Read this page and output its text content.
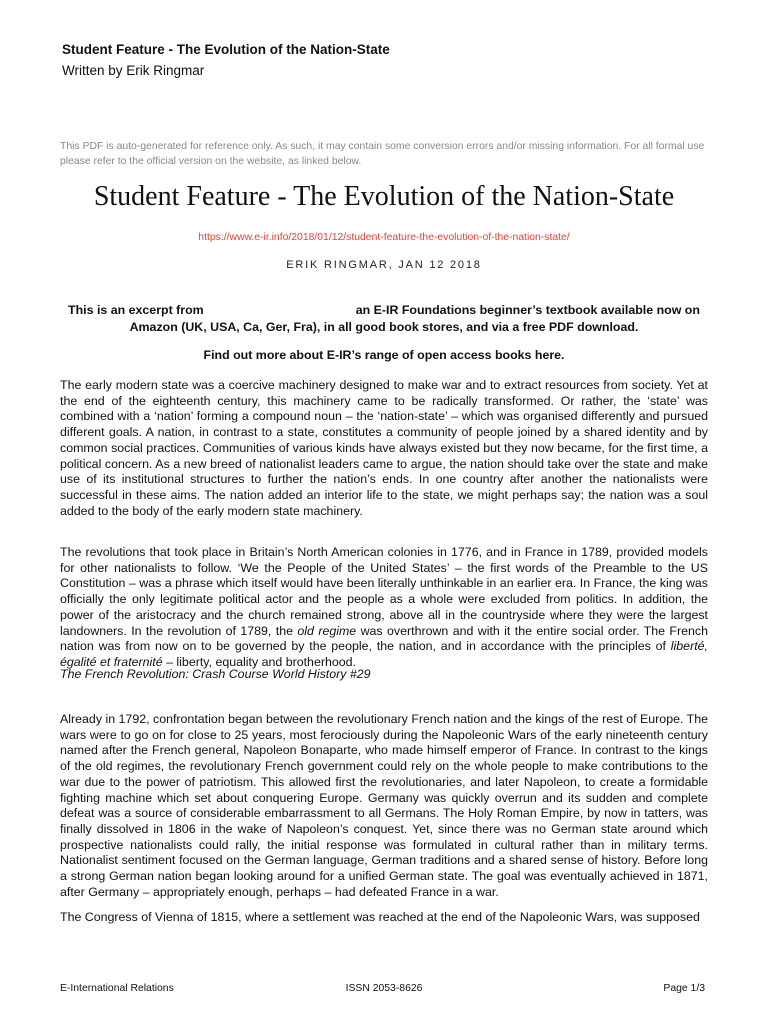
Student Feature - The Evolution of the Nation-State
Written by Erik Ringmar
This PDF is auto-generated for reference only. As such, it may contain some conversion errors and/or missing information. For all formal use please refer to the official version on the website, as linked below.
Student Feature - The Evolution of the Nation-State
https://www.e-ir.info/2018/01/12/student-feature-the-evolution-of-the-nation-state/
ERIK RINGMAR, JAN 12 2018
This is an excerpt from	an E-IR Foundations beginner’s textbook available now on Amazon (UK, USA, Ca, Ger, Fra), in all good book stores, and via a free PDF download.
Find out more about E-IR’s range of open access books here.

The early modern state was a coercive machinery designed to make war and to extract resources from society. Yet at the end of the eighteenth century, this machinery came to be radically transformed. Or rather, the ‘state’ was combined with a ‘nation’ forming a compound noun – the ‘nation-state’ – which was organised differently and pursued different goals. A nation, in contrast to a state, constitutes a community of people joined by a shared identity and by common social practices. Communities of various kinds have always existed but they now became, for the first time, a political concern. As a new breed of nationalist leaders came to argue, the nation should take over the state and make use of its institutional structures to further the nation’s ends. In one country after another the nationalists were successful in these aims. The nation added an interior life to the state, we might perhaps say; the nation was a soul added to the body of the early modern state machinery.

The revolutions that took place in Britain’s North American colonies in 1776, and in France in 1789, provided models for other nationalists to follow. ‘We the People of the United States’ – the first words of the Preamble to the US Constitution – was a phrase which itself would have been literally unthinkable in an earlier era. In France, the king was officially the only legitimate political actor and the people as a whole were excluded from politics. In addition, the power of the aristocracy and the church remained strong, above all in the countryside where they were the largest landowners. In the revolution of 1789, the old regime was overthrown and with it the entire social order. The French nation was from now on to be governed by the people, the nation, and in accordance with the principles of liberté, égalité et fraternité – liberty, equality and brotherhood.

The French Revolution: Crash Course World History #29

Already in 1792, confrontation began between the revolutionary French nation and the kings of the rest of Europe. The wars were to go on for close to 25 years, most ferociously during the Napoleonic Wars of the early nineteenth century named after the French general, Napoleon Bonaparte, who made himself emperor of France. In contrast to the kings of the old regimes, the revolutionary French government could rely on the whole people to make contributions to the war due to the power of patriotism. This allowed first the revolutionaries, and later Napoleon, to create a formidable fighting machine which set about conquering Europe. Germany was quickly overrun and its sudden and complete defeat was a source of considerable embarrassment to all Germans. The Holy Roman Empire, by now in tatters, was finally dissolved in 1806 in the wake of Napoleon’s conquest. Yet, since there was no German state around which prospective nationalists could rally, the initial response was formulated in cultural rather than in military terms. Nationalist sentiment focused on the German language, German traditions and a shared sense of history. Before long a strong German nation began looking around for a unified German state. The goal was eventually achieved in 1871, after Germany – appropriately enough, perhaps – had defeated France in a war.

The Congress of Vienna of 1815, where a settlement was reached at the end of the Napoleonic Wars, was supposed

E-International Relations	ISSN 2053-8626	Page 1/3
